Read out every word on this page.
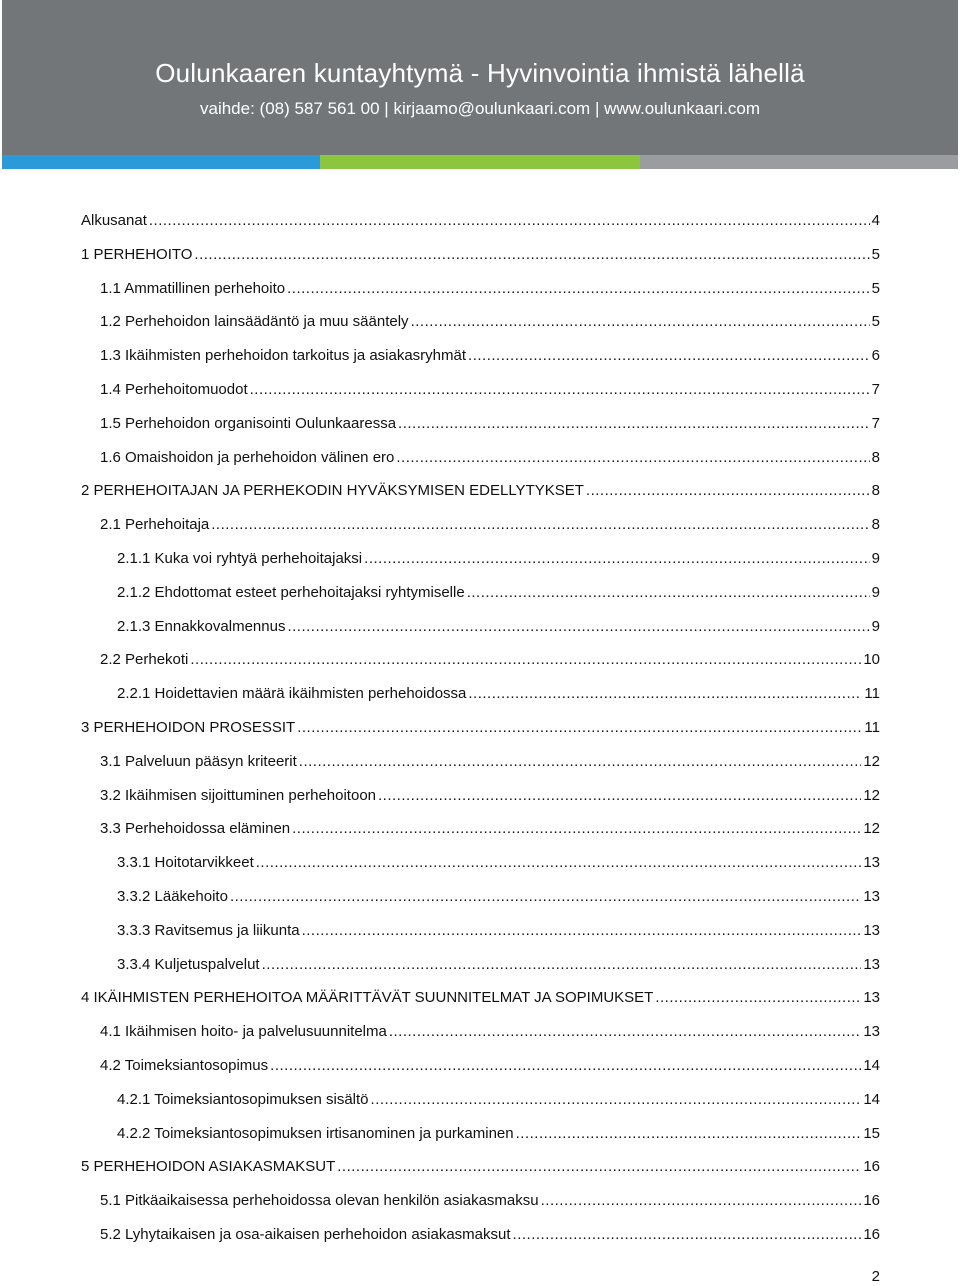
Oulunkaaren kuntayhtymä - Hyvinvointia ihmistä lähellä
vaihde: (08) 587 561 00 | kirjaamo@oulunkaari.com | www.oulunkaari.com
Alkusanat .....	4
1 PERHEHOITO .....	5
1.1 Ammatillinen perhehoito .....	5
1.2 Perhehoidon lainsäädäntö ja muu sääntely .....	5
1.3 Ikäihmisten perhehoidon tarkoitus ja asiakasryhmät .....	6
1.4 Perhehoitomuodot .....	7
1.5 Perhehoidon organisointi Oulunkaaressa .....	7
1.6 Omaishoidon ja perhehoidon välinen ero .....	8
2 PERHEHOITAJAN JA PERHEKODIN HYVÄKSYMISEN EDELLYTYKSET .....	8
2.1 Perhehoitaja .....	8
2.1.1 Kuka voi ryhtyä perhehoitajaksi .....	9
2.1.2 Ehdottomat esteet perhehoitajaksi ryhtymiselle .....	9
2.1.3 Ennakkovalmennus .....	9
2.2 Perhekoti .....	10
2.2.1 Hoidettavien määrä ikäihmisten perhehoidossa .....	11
3 PERHEHOIDON PROSESSIT .....	11
3.1 Palveluun pääsyn kriteerit .....	12
3.2 Ikäihmisen sijoittuminen perhehoitoon .....	12
3.3 Perhehoidossa eläminen .....	12
3.3.1 Hoitotarvikkeet .....	13
3.3.2 Lääkehoito .....	13
3.3.3 Ravitsemus ja liikunta .....	13
3.3.4 Kuljetuspalvelut .....	13
4 IKÄIHMISTEN PERHEHOITOA MÄÄRITTÄVÄT SUUNNITELMAT JA SOPIMUKSET .....	13
4.1 Ikäihmisen hoito- ja palvelusuunnitelma .....	13
4.2 Toimeksiantosopimus .....	14
4.2.1 Toimeksiantosopimuksen sisältö .....	14
4.2.2 Toimeksiantosopimuksen irtisanominen ja purkaminen .....	15
5 PERHEHOIDON ASIAKASMAKSUT .....	16
5.1 Pitkäaikaisessa perhehoidossa olevan henkilön asiakasmaksu .....	16
5.2 Lyhytaikaisen ja osa-aikaisen perhehoidon asiakasmaksut .....	16
2
